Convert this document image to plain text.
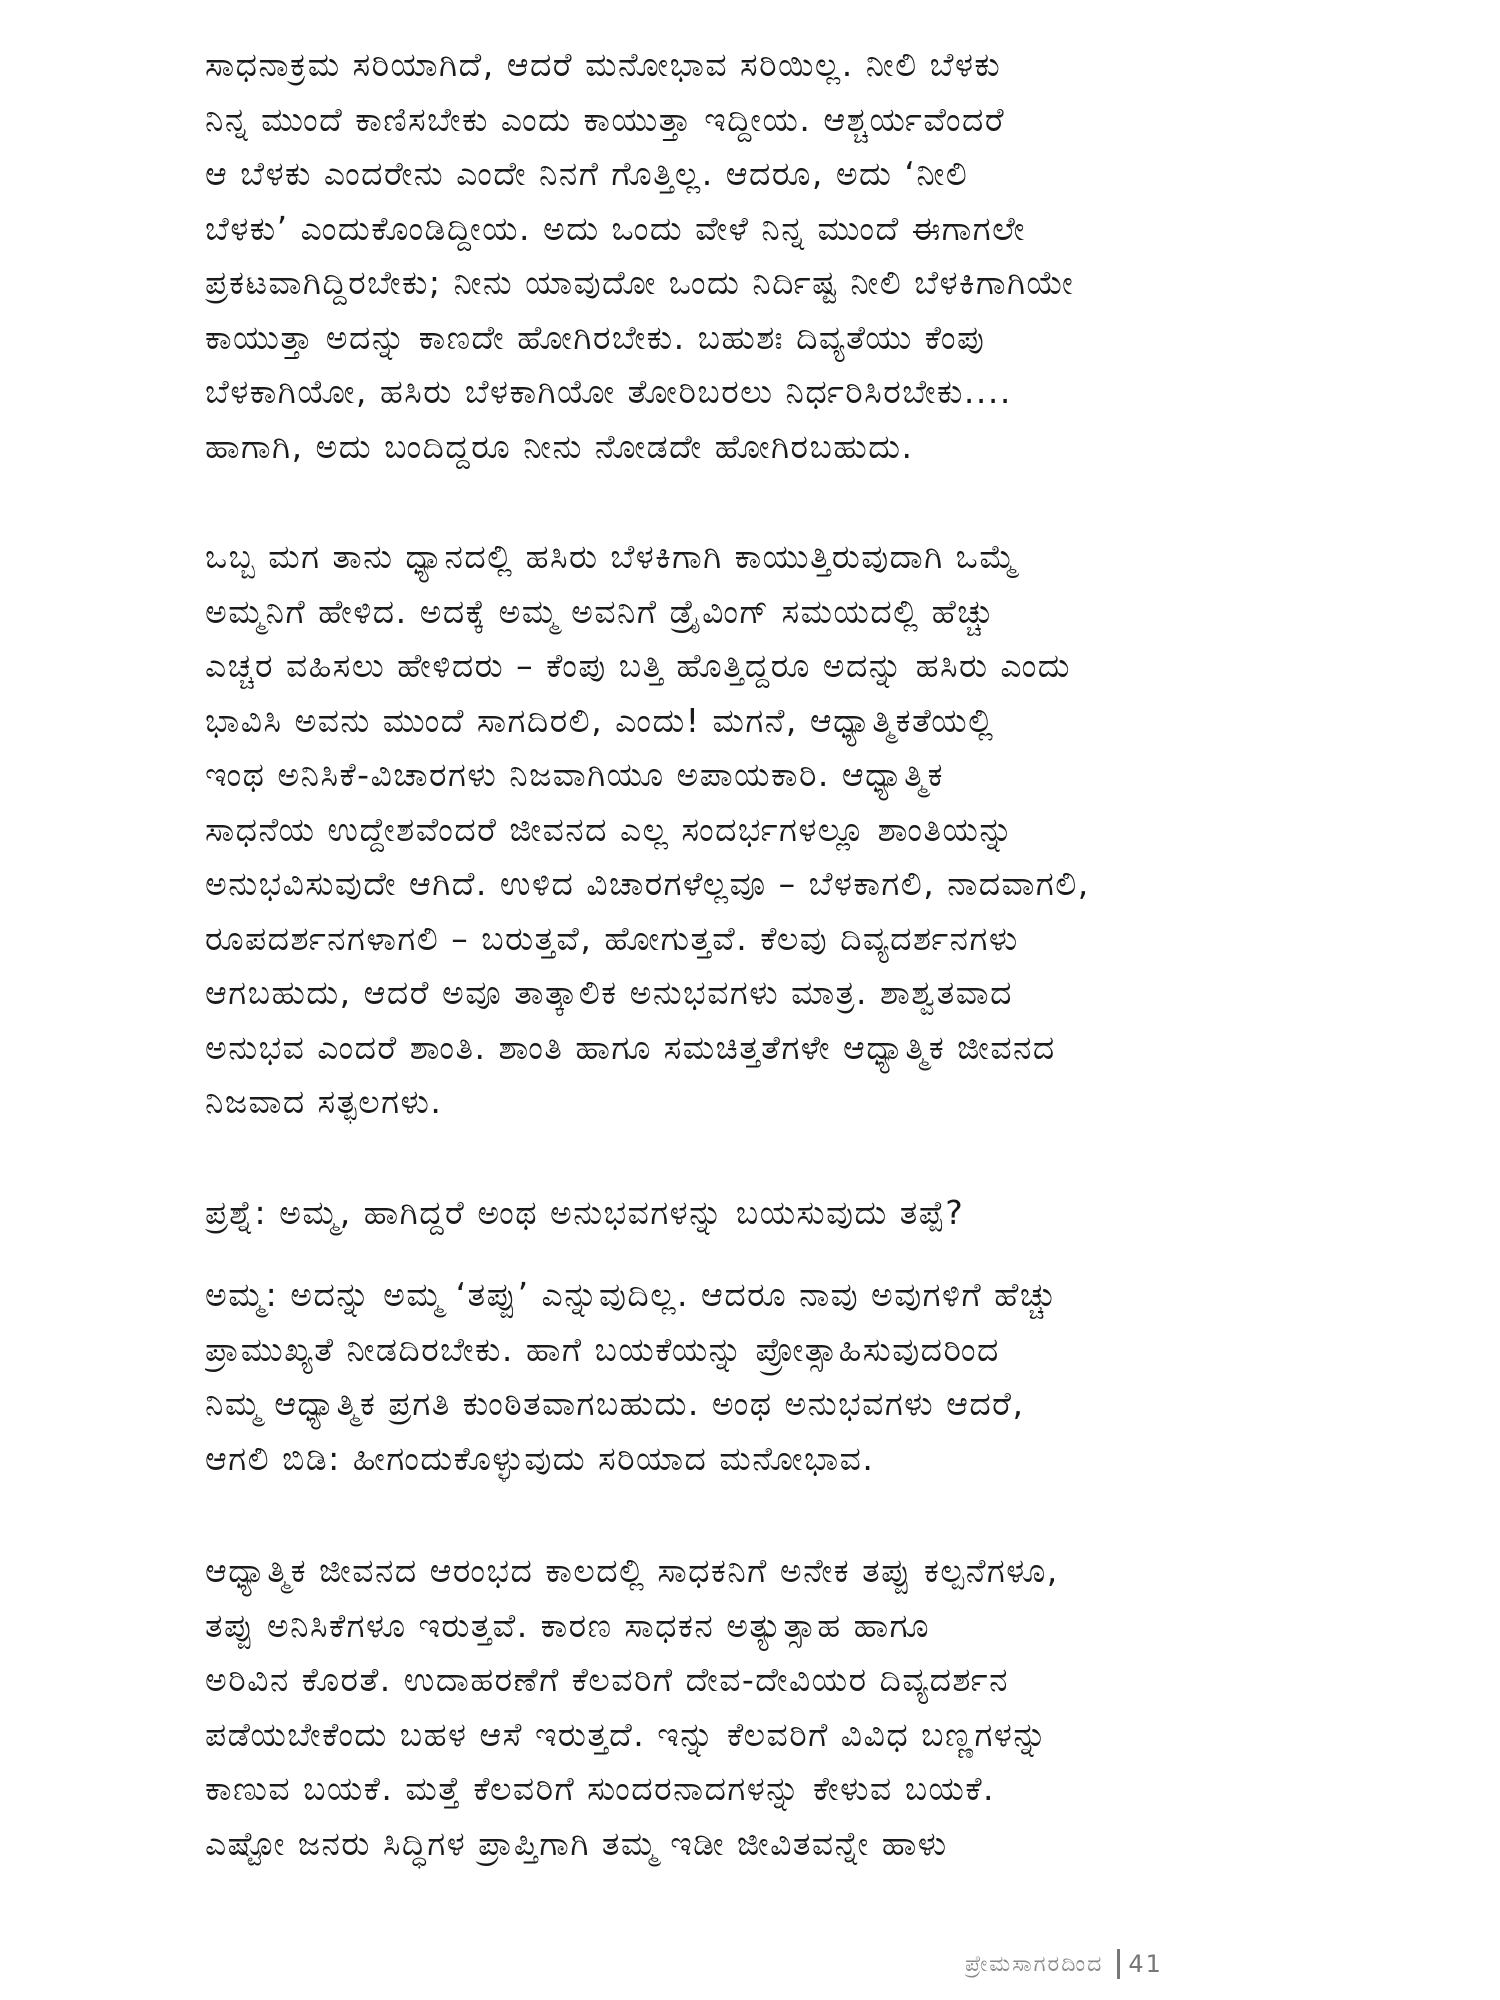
ಸಾಧನಾಕ್ರಮ ಸರಿಯಾಗಿದೆ, ಆದರೆ ಮನೋಭಾವ ಸರಿಯಿಲ್ಲ. ನೀಲಿ ಬೆಳಕು
ನಿನ್ನ ಮುಂದೆ ಕಾಣಿಸಬೇಕು ಎಂದು ಕಾಯುತ್ತಾ ಇದ್ದೀಯ. ಆಶ್ಚರ್ಯವೆಂದರೆ
ಆ ಬೆಳಕು ಎಂದರೇನು ಎಂದೇ ನಿನಗೆ ಗೊತ್ತಿಲ್ಲ. ಆದರೂ, ಅದು ‘ನೀಲಿ
ಬೆಳಕು’ ಎಂದುಕೊಂಡಿದ್ದೀಯ. ಅದು ಒಂದು ವೇಳೆ ನಿನ್ನ ಮುಂದೆ ಈಗಾಗಲೇ
ಪ್ರಕಟವಾಗಿದ್ದಿರಬೇಕು; ನೀನು ಯಾವುದೋ ಒಂದು ನಿರ್ದಿಷ್ಟ ನೀಲಿ ಬೆಳಕಿಗಾಗಿಯೇ
ಕಾಯುತ್ತಾ ಅದನ್ನು ಕಾಣದೇ ಹೋಗಿರಬೇಕು. ಬಹುಶಃ ದಿವ್ಯತೆಯು ಕೆಂಪು
ಬೆಳಕಾಗಿಯೋ, ಹಸಿರು ಬೆಳಕಾಗಿಯೋ ತೋರಿಬರಲು ನಿರ್ಧರಿಸಿರಬೇಕು....
ಹಾಗಾಗಿ, ಅದು ಬಂದಿದ್ದರೂ ನೀನು ನೋಡದೇ ಹೋಗಿರಬಹುದು.
ಒಬ್ಬ ಮಗ ತಾನು ಧ್ಯಾನದಲ್ಲಿ ಹಸಿರು ಬೆಳಕಿಗಾಗಿ ಕಾಯುತ್ತಿರುವುದಾಗಿ ಒಮ್ಮೆ
ಅಮ್ಮನಿಗೆ ಹೇಳಿದ. ಅದಕ್ಕೆ ಅಮ್ಮ ಅವನಿಗೆ ಡ್ರೈವಿಂಗ್ ಸಮಯದಲ್ಲಿ ಹೆಚ್ಚು
ಎಚ್ಚರ ವಹಿಸಲು ಹೇಳಿದರು – ಕೆಂಪು ಬತ್ತಿ ಹೊತ್ತಿದ್ದರೂ ಅದನ್ನು ಹಸಿರು ಎಂದು
ಭಾವಿಸಿ ಅವನು ಮುಂದೆ ಸಾಗದಿರಲಿ, ಎಂದು! ಮಗನೆ, ಆಧ್ಯಾತ್ಮಿಕತೆಯಲ್ಲಿ
ಇಂಥ ಅನಿಸಿಕೆ-ವಿಚಾರಗಳು ನಿಜವಾಗಿಯೂ ಅಪಾಯಕಾರಿ. ಆಧ್ಯಾತ್ಮಿಕ
ಸಾಧನೆಯ ಉದ್ದೇಶವೆಂದರೆ ಜೀವನದ ಎಲ್ಲ ಸಂದರ್ಭಗಳಲ್ಲೂ ಶಾಂತಿಯನ್ನು
ಅನುಭವಿಸುವುದೇ ಆಗಿದೆ. ಉಳಿದ ವಿಚಾರಗಳೆಲ್ಲವೂ – ಬೆಳಕಾಗಲಿ, ನಾದವಾಗಲಿ,
ರೂಪದರ್ಶನಗಳಾಗಲಿ – ಬರುತ್ತವೆ, ಹೋಗುತ್ತವೆ. ಕೆಲವು ದಿವ್ಯದರ್ಶನಗಳು
ಆಗಬಹುದು, ಆದರೆ ಅವೂ ತಾತ್ಕಾಲಿಕ ಅನುಭವಗಳು ಮಾತ್ರ. ಶಾಶ್ವತವಾದ
ಅನುಭವ ಎಂದರೆ ಶಾಂತಿ. ಶಾಂತಿ ಹಾಗೂ ಸಮಚಿತ್ತತೆಗಳೇ ಆಧ್ಯಾತ್ಮಿಕ ಜೀವನದ
ನಿಜವಾದ ಸತ್ಫಲಗಳು.
ಪ್ರಶ್ನೆ: ಅಮ್ಮ, ಹಾಗಿದ್ದರೆ ಅಂಥ ಅನುಭವಗಳನ್ನು ಬಯಸುವುದು ತಪ್ಪೆ?
ಅಮ್ಮ: ಅದನ್ನು ಅಮ್ಮ ‘ತಪ್ಪು’ ಎನ್ನುವುದಿಲ್ಲ. ಆದರೂ ನಾವು ಅವುಗಳಿಗೆ ಹೆಚ್ಚು
ಪ್ರಾಮುಖ್ಯತೆ ನೀಡದಿರಬೇಕು. ಹಾಗೆ ಬಯಕೆಯನ್ನು ಪ್ರೋತ್ಸಾಹಿಸುವುದರಿಂದ
ನಿಮ್ಮ ಆಧ್ಯಾತ್ಮಿಕ ಪ್ರಗತಿ ಕುಂಠಿತವಾಗಬಹುದು. ಅಂಥ ಅನುಭವಗಳು ಆದರೆ,
ಆಗಲಿ ಬಿಡಿ: ಹೀಗಂದುಕೊಳ್ಳುವುದು ಸರಿಯಾದ ಮನೋಭಾವ.
ಆಧ್ಯಾತ್ಮಿಕ ಜೀವನದ ಆರಂಭದ ಕಾಲದಲ್ಲಿ ಸಾಧಕನಿಗೆ ಅನೇಕ ತಪ್ಪು ಕಲ್ಪನೆಗಳೂ,
ತಪ್ಪು ಅನಿಸಿಕೆಗಳೂ ಇರುತ್ತವೆ. ಕಾರಣ ಸಾಧಕನ ಅತ್ಯುತ್ಸಾಹ ಹಾಗೂ
ಅರಿವಿನ ಕೊರತೆ. ಉದಾಹರಣೆಗೆ ಕೆಲವರಿಗೆ ದೇವ-ದೇವಿಯರ ದಿವ್ಯದರ್ಶನ
ಪಡೆಯಬೇಕೆಂದು ಬಹಳ ಆಸೆ ಇರುತ್ತದೆ. ಇನ್ನು ಕೆಲವರಿಗೆ ವಿವಿಧ ಬಣ್ಣಗಳನ್ನು
ಕಾಣುವ ಬಯಕೆ. ಮತ್ತೆ ಕೆಲವರಿಗೆ ಸುಂದರನಾದಗಳನ್ನು ಕೇಳುವ ಬಯಕೆ.
ಎಷ್ಟೋ ಜನರು ಸಿದ್ಧಿಗಳ ಪ್ರಾಪ್ತಿಗಾಗಿ ತಮ್ಮ ಇಡೀ ಜೀವಿತವನ್ನೇ ಹಾಳು
ಪ್ರೇಮಸಾಗರದಿಂದ 41
